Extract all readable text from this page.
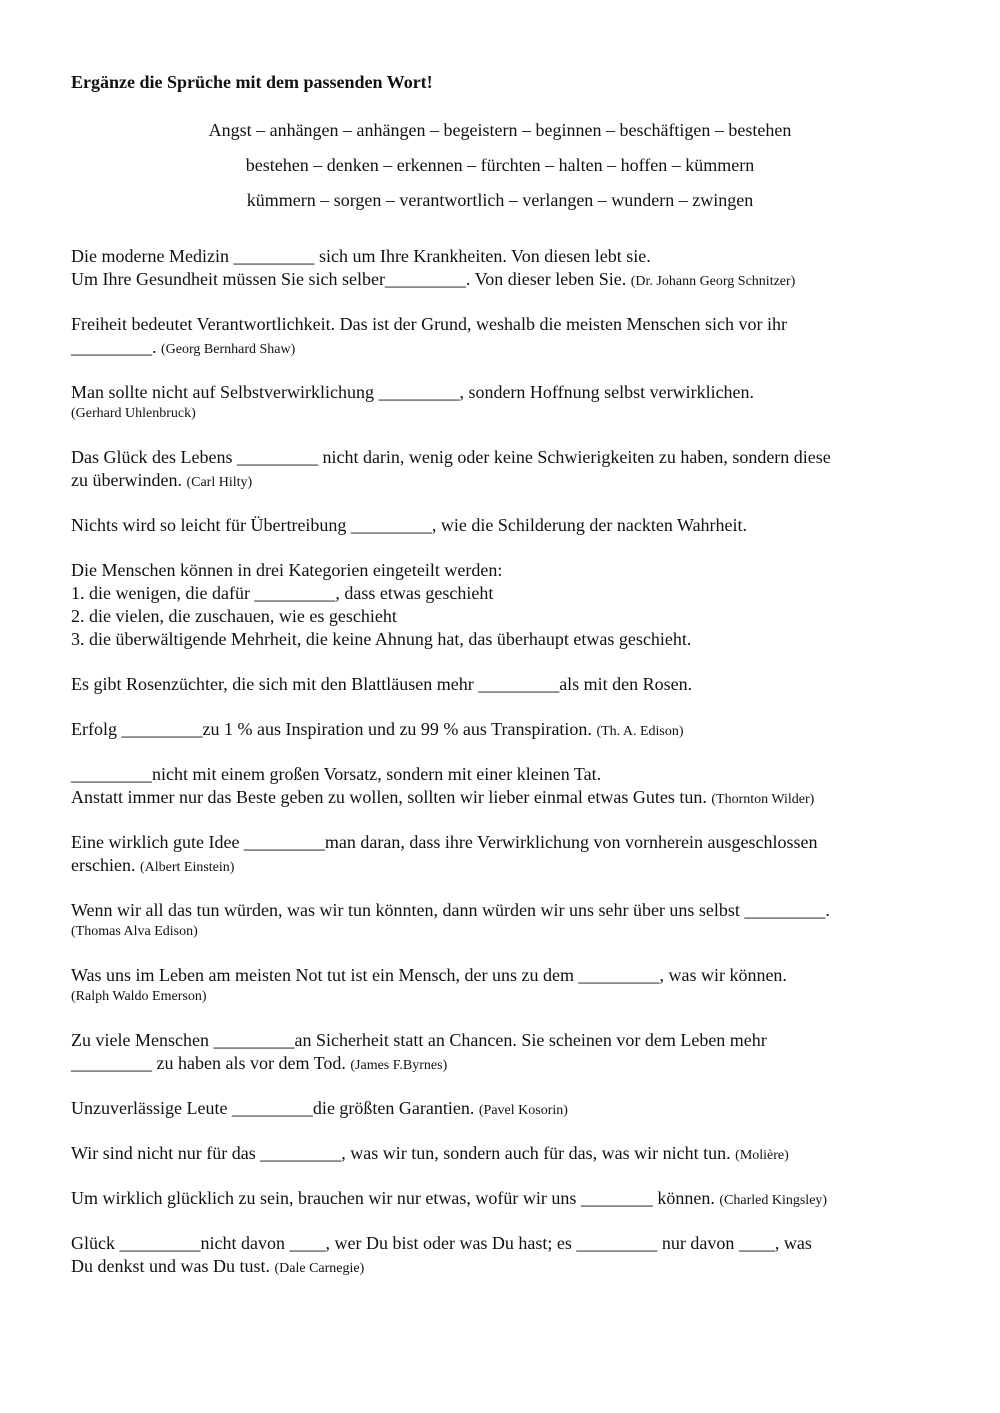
Ergänze die Sprüche mit dem passenden Wort!
Angst – anhängen – anhängen – begeistern – beginnen – beschäftigen – bestehen
bestehen – denken – erkennen – fürchten – halten – hoffen – kümmern
kümmern – sorgen – verantwortlich – verlangen – wundern – zwingen
Die moderne Medizin _________ sich um Ihre Krankheiten. Von diesen lebt sie.
Um Ihre Gesundheit müssen Sie sich selber_________. Von dieser leben Sie. (Dr. Johann Georg Schnitzer)
Freiheit bedeutet Verantwortlichkeit. Das ist der Grund, weshalb die meisten Menschen sich vor ihr
_________. (Georg Bernhard Shaw)
Man sollte nicht auf Selbstverwirklichung _________, sondern Hoffnung selbst verwirklichen.
(Gerhard Uhlenbruck)
Das Glück des Lebens _________ nicht darin, wenig oder keine Schwierigkeiten zu haben, sondern diese
zu überwinden. (Carl Hilty)
Nichts wird so leicht für Übertreibung _________, wie die Schilderung der nackten Wahrheit.
Die Menschen können in drei Kategorien eingeteilt werden:
1. die wenigen, die dafür _________, dass etwas geschieht
2. die vielen, die zuschauen, wie es geschieht
3. die überwältigende Mehrheit, die keine Ahnung hat, das überhaupt etwas geschieht.
Es gibt Rosenzüchter, die sich mit den Blattläusen mehr _________als mit den Rosen.
Erfolg _________zu 1 % aus Inspiration und zu 99 % aus Transpiration. (Th. A. Edison)
_________nicht mit einem großen Vorsatz, sondern mit einer kleinen Tat.
Anstatt immer nur das Beste geben zu wollen, sollten wir lieber einmal etwas Gutes tun. (Thornton Wilder)
Eine wirklich gute Idee _________man daran, dass ihre Verwirklichung von vornherein ausgeschlossen
erschien. (Albert Einstein)
Wenn wir all das tun würden, was wir tun könnten, dann würden wir uns sehr über uns selbst _________.
(Thomas Alva Edison)
Was uns im Leben am meisten Not tut ist ein Mensch, der uns zu dem _________, was wir können.
(Ralph Waldo Emerson)
Zu viele Menschen _________an Sicherheit statt an Chancen. Sie scheinen vor dem Leben mehr
_________ zu haben als vor dem Tod. (James F.Byrnes)
Unzuverlässige Leute _________die größten Garantien. (Pavel Kosorin)
Wir sind nicht nur für das _________, was wir tun, sondern auch für das, was wir nicht tun. (Molière)
Um wirklich glücklich zu sein, brauchen wir nur etwas, wofür wir uns ________ können. (Charled Kingsley)
Glück _________nicht davon ____, wer Du bist oder was Du hast; es _________ nur davon ____, was
Du denkst und was Du tust. (Dale Carnegie)
